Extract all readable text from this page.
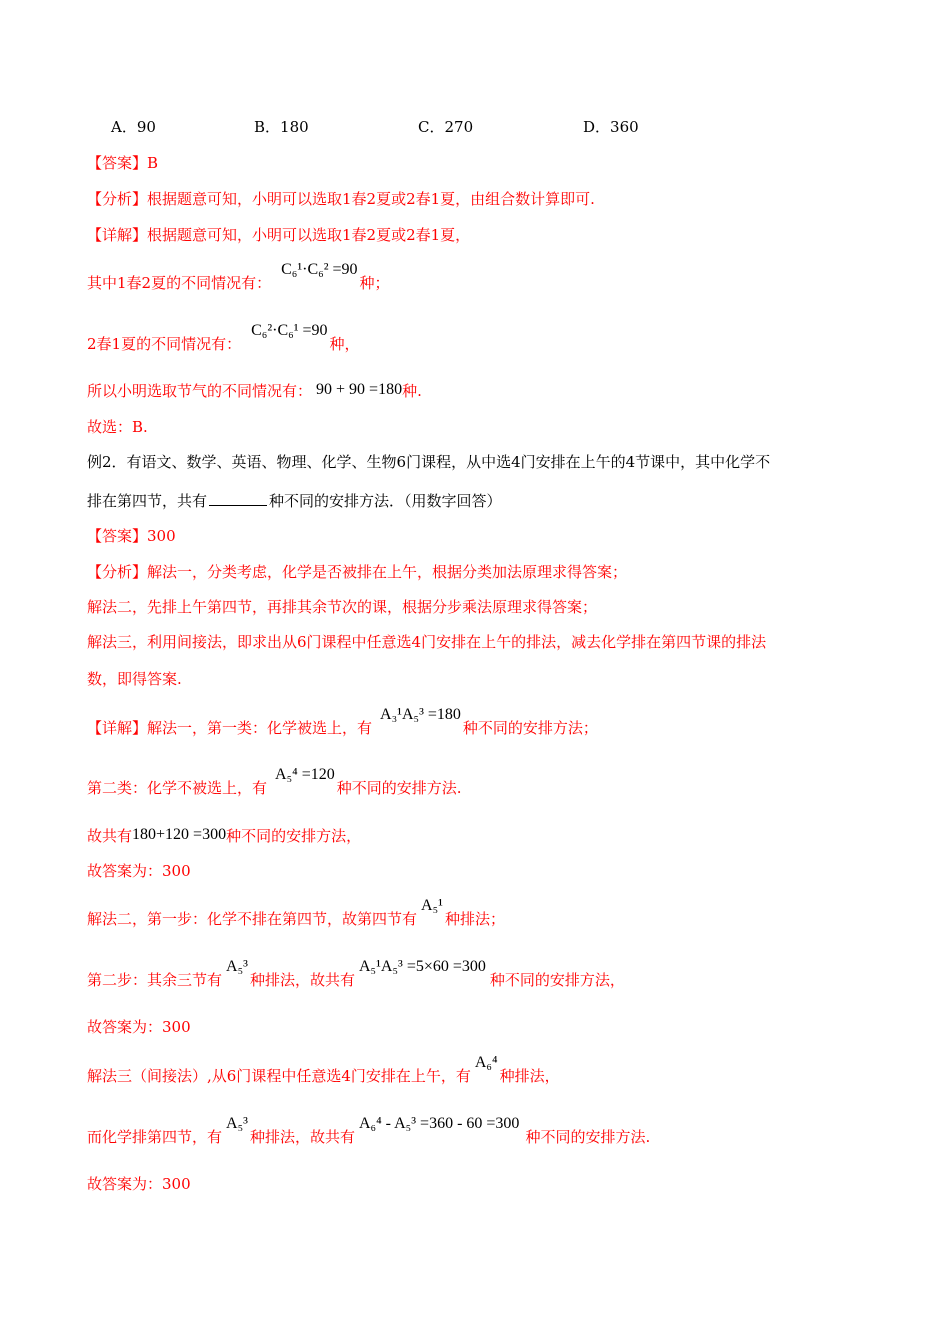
A．90	B．180	C．270	D．360
【答案】B
【分析】根据题意可知，小明可以选取1春2夏或2春1夏，由组合数计算即可.
【详解】根据题意可知，小明可以选取1春2夏或2春1夏，
其中1春2夏的不同情况有：C₆¹·C₆² =90种；
2春1夏的不同情况有：C₆²·C₆¹ =90种，
所以小明选取节气的不同情况有： 90 + 90 =180种.
故选：B.
例2．有语文、数学、英语、物理、化学、生物6门课程，从中选4门安排在上午的4节课中，其中化学不
排在第四节，共有	种不同的安排方法．（用数字回答）
【答案】300
【分析】解法一，分类考虑，化学是否被排在上午，根据分类加法原理求得答案；
解法二，先排上午第四节，再排其余节次的课，根据分步乘法原理求得答案；
解法三，利用间接法，即求出从6门课程中任意选4门安排在上午的排法，减去化学排在第四节课的排法
数，即得答案.
【详解】解法一，第一类：化学被选上，有A₃¹A₅³ =180种不同的安排方法；
第二类：化学不被选上，有A₅⁴ =120种不同的安排方法.
故共有180+120 =300种不同的安排方法，
故答案为：300
解法二，第一步：化学不排在第四节，故第四节有A₅¹种排法；
第二步：其余三节有A₅³种排法，故共有A₅¹A₅³ =5×60 =300种不同的安排方法，
故答案为：300
解法三（间接法）,从6门课程中任意选4门安排在上午，有A₆⁴种排法，
而化学排第四节，有A₅³种排法，故共有A₆⁴ - A₅³ =360 - 60 =300种不同的安排方法.
故答案为：300
